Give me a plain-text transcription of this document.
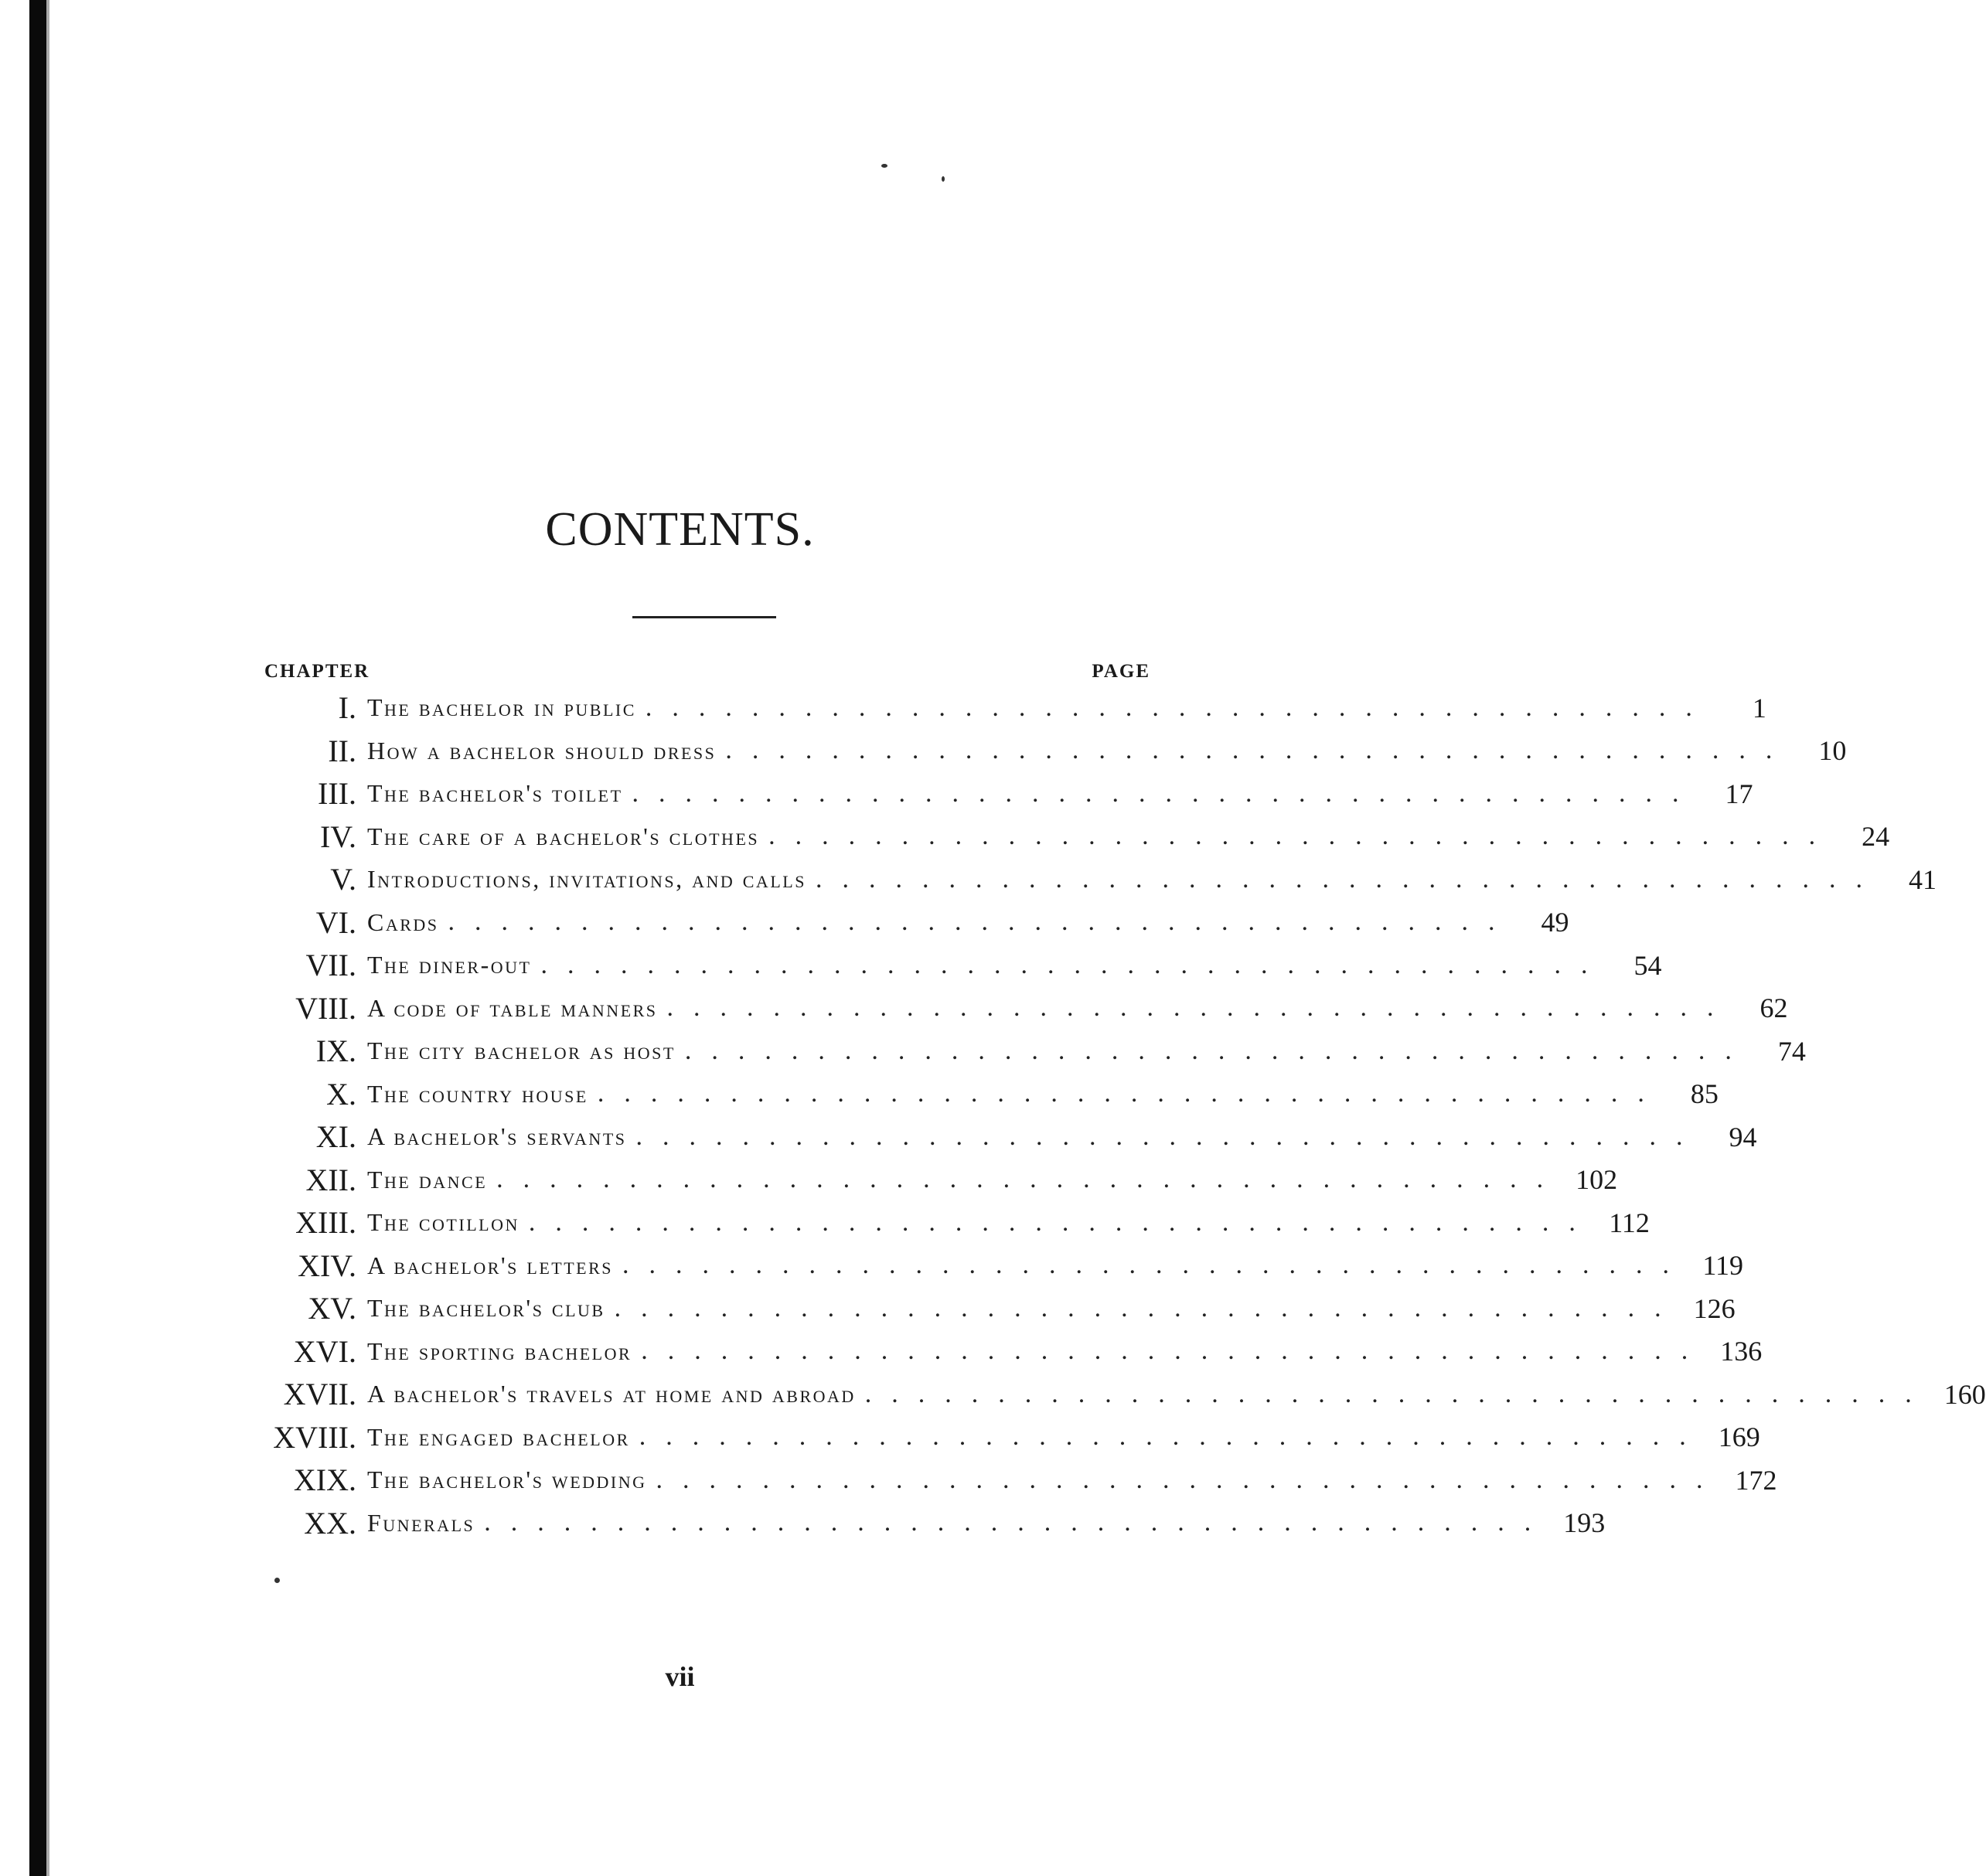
CONTENTS.
CHAPTER	PAGE
I. The bachelor in public ........................................	1
II. How a bachelor should dress ........................................ 10
III. The bachelor's toilet ........................................ 17
IV. The care of a bachelor's clothes ........................................ 24
V. Introductions, invitations, and calls ........................................ 41
VI. Cards ........................................ 49
VII. The diner-out ........................................ 54
VIII. A code of table manners ........................................ 62
IX. The city bachelor as host ........................................ 74
X. The country house ........................................ 85
XI. A bachelor's servants ........................................ 94
XII. The dance ........................................ 102
XIII. The cotillon ........................................ 112
XIV. A bachelor's letters ........................................ 119
XV. The bachelor's club ........................................ 126
XVI. The sporting bachelor ........................................ 136
XVII. A bachelor's travels at home and abroad ........................................ 160
XVIII. The engaged bachelor ........................................ 169
XIX. The bachelor's wedding ........................................ 172
XX. Funerals ........................................ 193
vii
